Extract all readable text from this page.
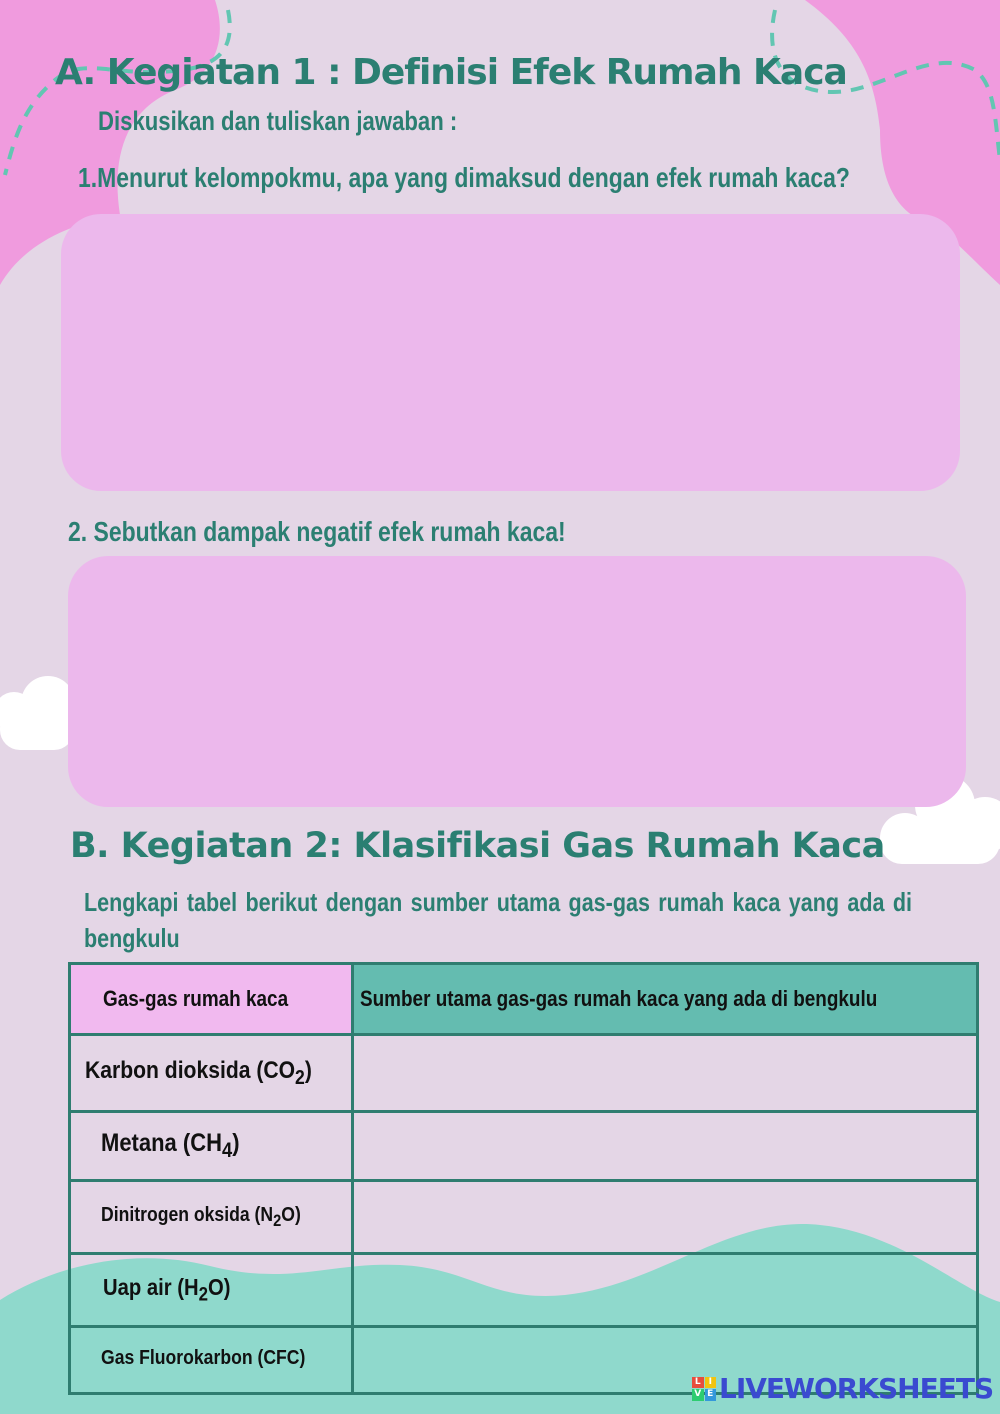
A. Kegiatan 1 : Definisi Efek Rumah Kaca

Diskusikan dan tuliskan jawaban :

1.Menurut kelompokmu, apa yang dimaksud dengan efek rumah kaca?

2. Sebutkan dampak negatif efek rumah kaca!

B. Kegiatan 2: Klasifikasi Gas Rumah Kaca

Lengkapi tabel berikut dengan sumber utama gas-gas rumah kaca yang ada di bengkulu

Gas-gas rumah kaca	Sumber utama gas-gas rumah kaca yang ada di bengkulu
Karbon dioksida $(CO_2)$	
Metana $(CH_4)$	
Dinitrogen oksida $(N_2O)$	
Uap air $(H_2O)$	
Gas Fluorokarbon (CFC)	
L I
V E LIVEWORKSHEETS
